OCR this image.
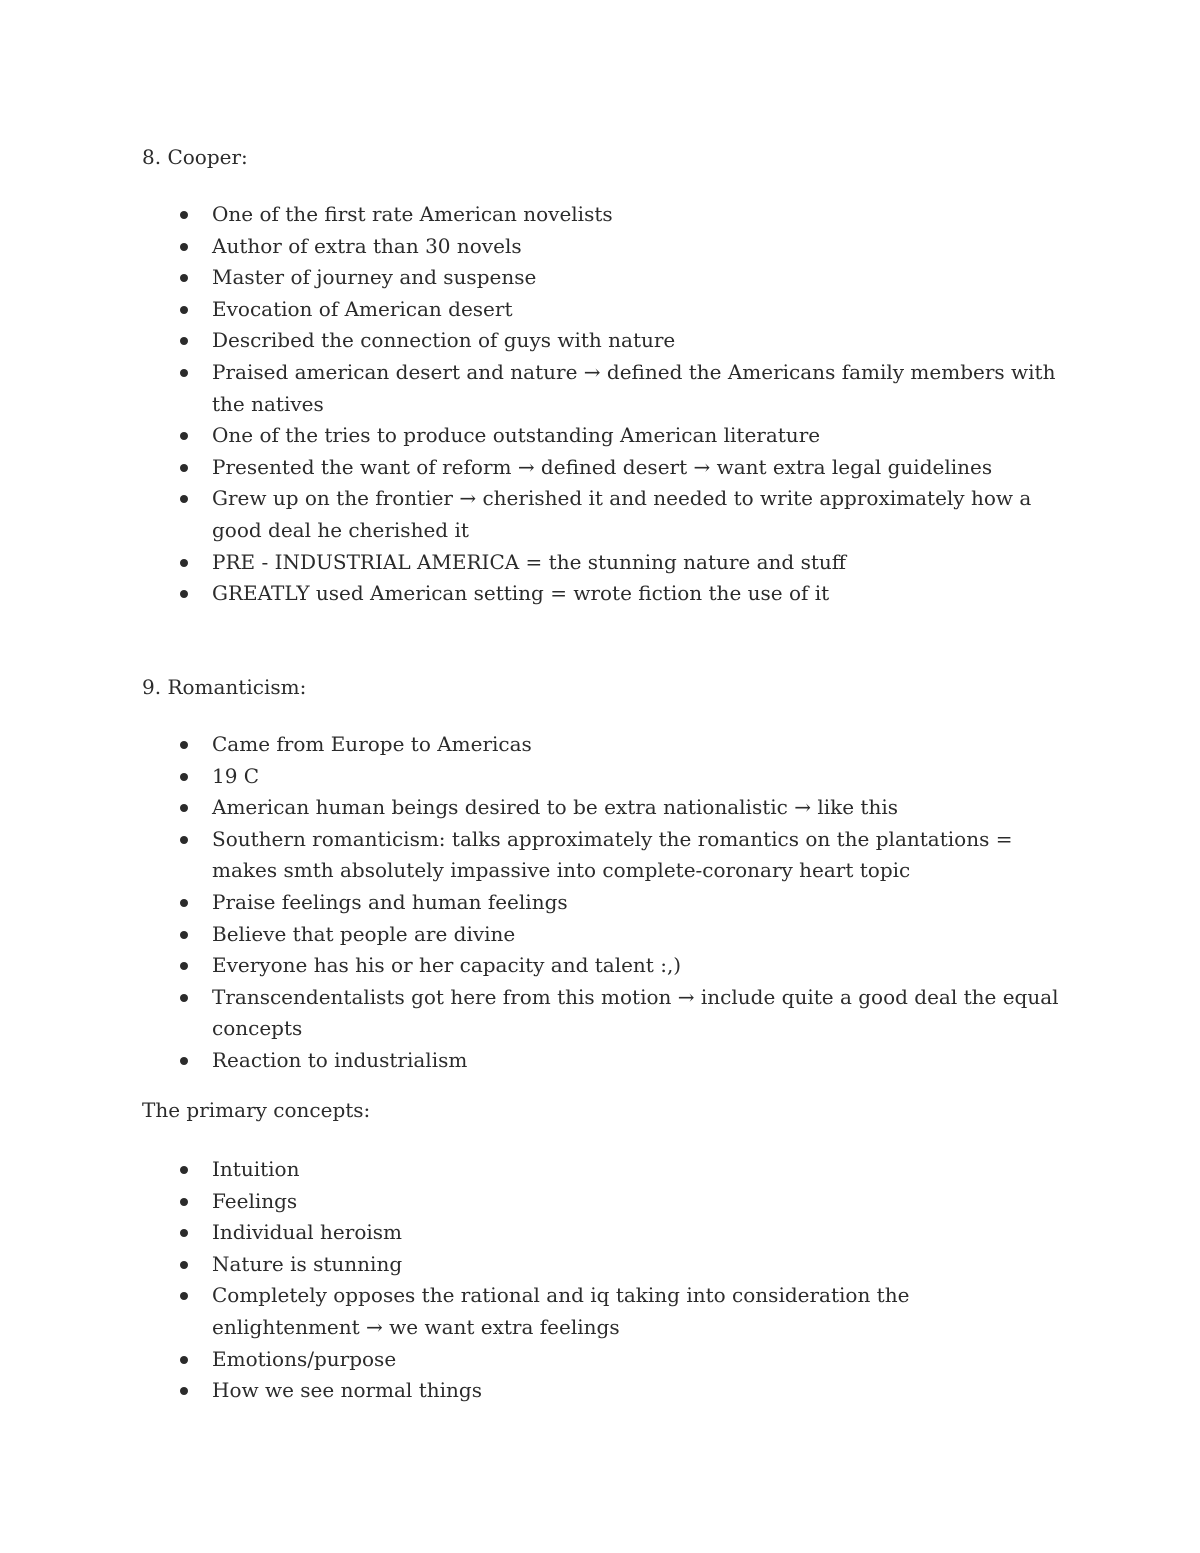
8. Cooper:

One of the first rate American novelists
Author of extra than 30 novels
Master of journey and suspense
Evocation of American desert
Described the connection of guys with nature
Praised american desert and nature → defined the Americans family members with the natives
One of the tries to produce outstanding American literature
Presented the want of reform → defined desert → want extra legal guidelines
Grew up on the frontier → cherished it and needed to write approximately how a good deal he cherished it
PRE - INDUSTRIAL AMERICA = the stunning nature and stuff
GREATLY used American setting = wrote fiction the use of it

9. Romanticism:

Came from Europe to Americas
19 C
American human beings desired to be extra nationalistic → like this
Southern romanticism: talks approximately the romantics on the plantations = makes smth absolutely impassive into complete-coronary heart topic
Praise feelings and human feelings
Believe that people are divine
Everyone has his or her capacity and talent :,)
Transcendentalists got here from this motion → include quite a good deal the equal concepts
Reaction to industrialism

The primary concepts:

Intuition
Feelings
Individual heroism
Nature is stunning
Completely opposes the rational and iq taking into consideration the enlightenment → we want extra feelings
Emotions/purpose
How we see normal things
